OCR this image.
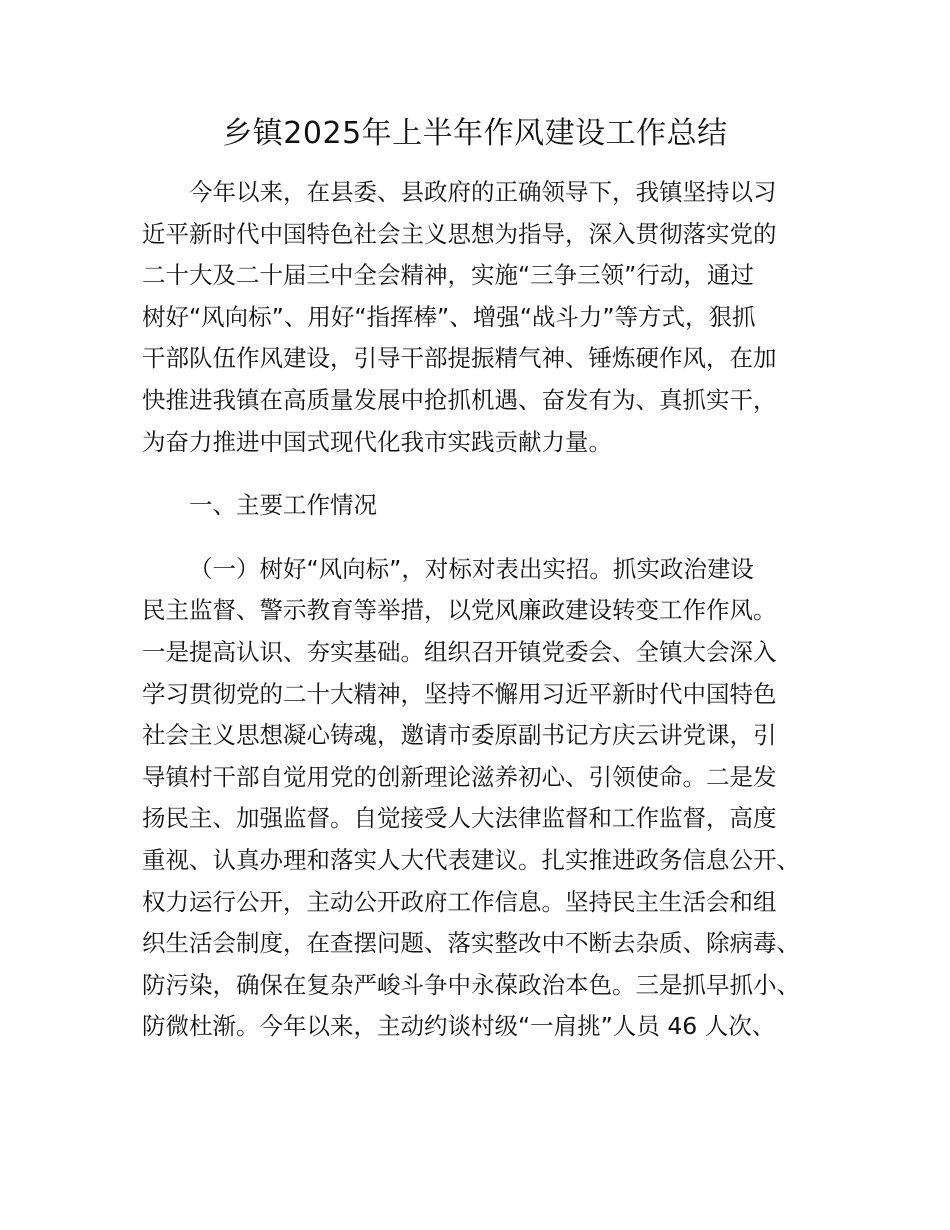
乡镇2025年上半年作风建设工作总结

今年以来，在县委、县政府的正确领导下，我镇坚持以习

近平新时代中国特色社会主义思想为指导，深入贯彻落实党的

二十大及二十届三中全会精神，实施“三争三领”行动，通过

树好“风向标”、用好“指挥棒”、增强“战斗力”等方式，狠抓

干部队伍作风建设，引导干部提振精气神、锤炼硬作风，在加

快推进我镇在高质量发展中抢抓机遇、奋发有为、真抓实干，

为奋力推进中国式现代化我市实践贡献力量。

一、主要工作情况

（一）树好“风向标”，对标对表出实招。抓实政治建设

民主监督、警示教育等举措，以党风廉政建设转变工作作风。

一是提高认识、夯实基础。组织召开镇党委会、全镇大会深入

学习贯彻党的二十大精神，坚持不懈用习近平新时代中国特色

社会主义思想凝心铸魂，邀请市委原副书记方庆云讲党课，引

导镇村干部自觉用党的创新理论滋养初心、引领使命。二是发

扬民主、加强监督。自觉接受人大法律监督和工作监督，高度

重视、认真办理和落实人大代表建议。扎实推进政务信息公开、

权力运行公开，主动公开政府工作信息。坚持民主生活会和组

织生活会制度，在查摆问题、落实整改中不断去杂质、除病毒、

防污染，确保在复杂严峻斗争中永葆政治本色。三是抓早抓小、

防微杜渐。今年以来，主动约谈村级“一肩挑”人员 46 人次、
